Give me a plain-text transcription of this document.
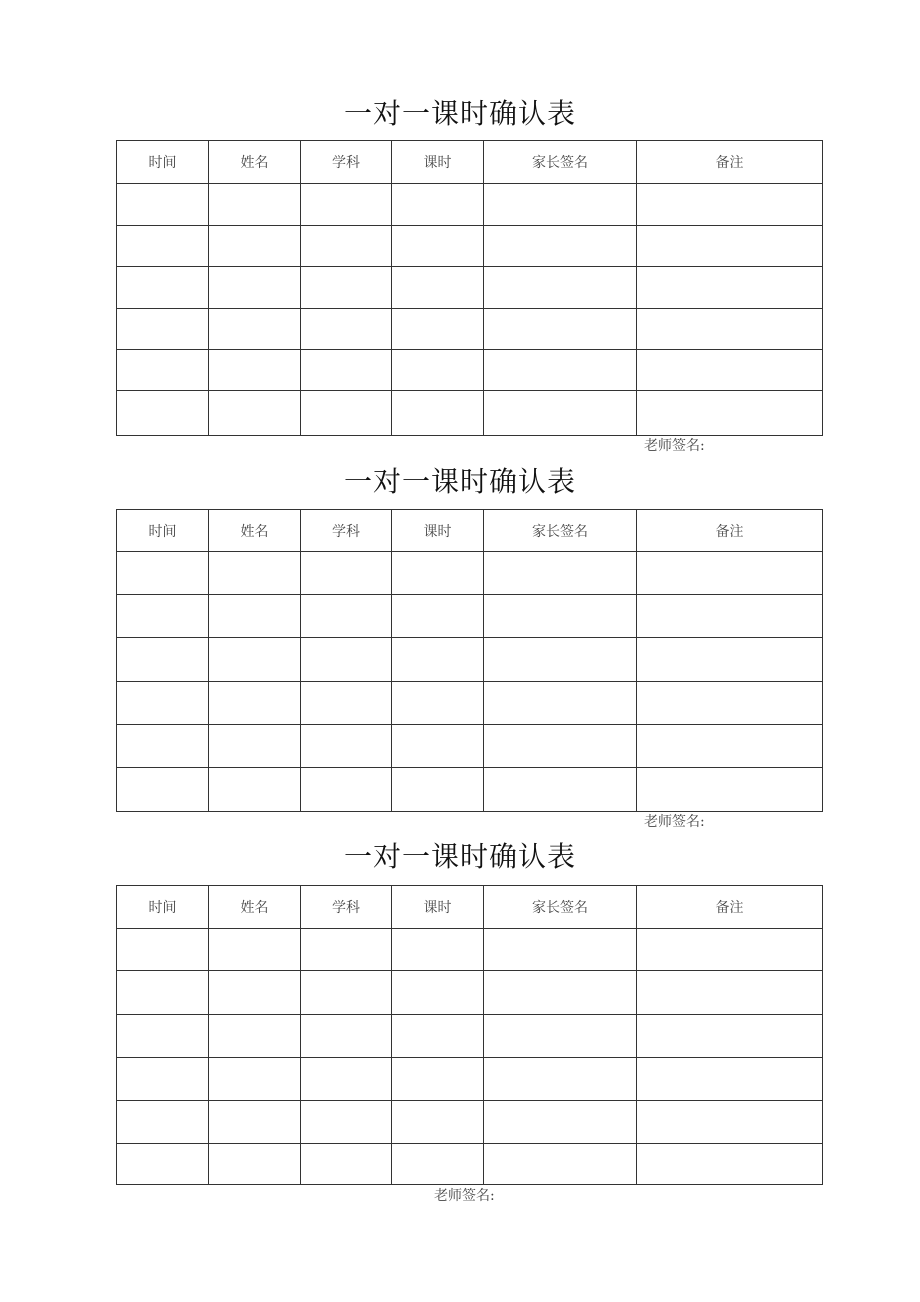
一对一课时确认表
时间	姓名	学科	课时	家长签名	备注

老师签名:
一对一课时确认表
时间	姓名	学科	课时	家长签名	备注

老师签名:
一对一课时确认表
时间	姓名	学科	课时	家长签名	备注

老师签名:
